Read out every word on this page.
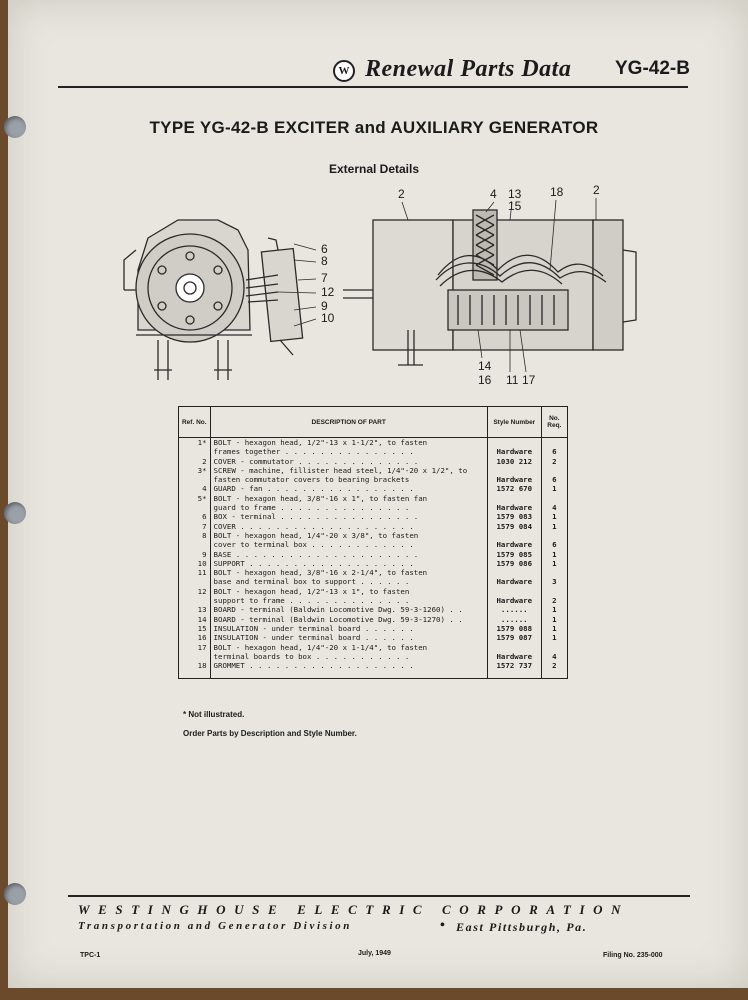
W Renewal Parts Data YG-42-B
TYPE YG-42-B EXCITER and AUXILIARY GENERATOR
External Details
2	4 13
15
18 2
6
8
7
12
9
10
14
16 11 17
Ref. No.	DESCRIPTION OF PART	Style Number	No. Req.
1*	BOLT - hexagon head, 1/2"-13 x 1-1/2", to fasten		
	frames together . . . . . . . . . . . . . . .	Hardware	6
2	COVER - commutator . . . . . . . . . . . . . .	1030 212	2
3*	SCREW - machine, fillister head steel, 1/4"-20 x 1/2", to		
	fasten commutator covers to bearing brackets	Hardware	6
4	GUARD - fan . . . . . . . . . . . . . . . . .	1572 670	1
5*	BOLT - hexagon head, 3/8"-16 x 1", to fasten fan		
	guard to frame . . . . . . . . . . . . . . .	Hardware	4
6	BOX - terminal . . . . . . . . . . . . . . . .	1579 083	1
7	COVER . . . . . . . . . . . . . . . . . . . .	1579 084	1
8	BOLT - hexagon head, 1/4"-20 x 3/8", to fasten		
	cover to terminal box . . . . . . . . . . . .	Hardware	6
9	BASE . . . . . . . . . . . . . . . . . . . . .	1579 085	1
10	SUPPORT . . . . . . . . . . . . . . . . . . .	1579 086	1
11	BOLT - hexagon head, 3/8"-16 x 2-1/4", to fasten		
	base and terminal box to support . . . . . .	Hardware	3
12	BOLT - hexagon head, 1/2"-13 x 1", to fasten		
	support to frame . . . . . . . . . . . . . .	Hardware	2
13	BOARD - terminal (Baldwin Locomotive Dwg. 59-3-1260) . .	......	1
14	BOARD - terminal (Baldwin Locomotive Dwg. 59-3-1270) . .	......	1
15	INSULATION - under terminal board . . . . . .	1579 088	1
16	INSULATION - under terminal board . . . . . .	1579 087	1
17	BOLT - hexagon head, 1/4"-20 x 1-1/4", to fasten		
	terminal boards to box . . . . . . . . . . .	Hardware	4
18	GROMMET . . . . . . . . . . . . . . . . . . .	1572 737	2
* Not illustrated.
Order Parts by Description and Style Number.
WESTINGHOUSE ELECTRIC CORPORATION
Transportation and Generator Division	• East Pittsburgh, Pa.
TPC-1	July, 1949	Filing No. 235-000
